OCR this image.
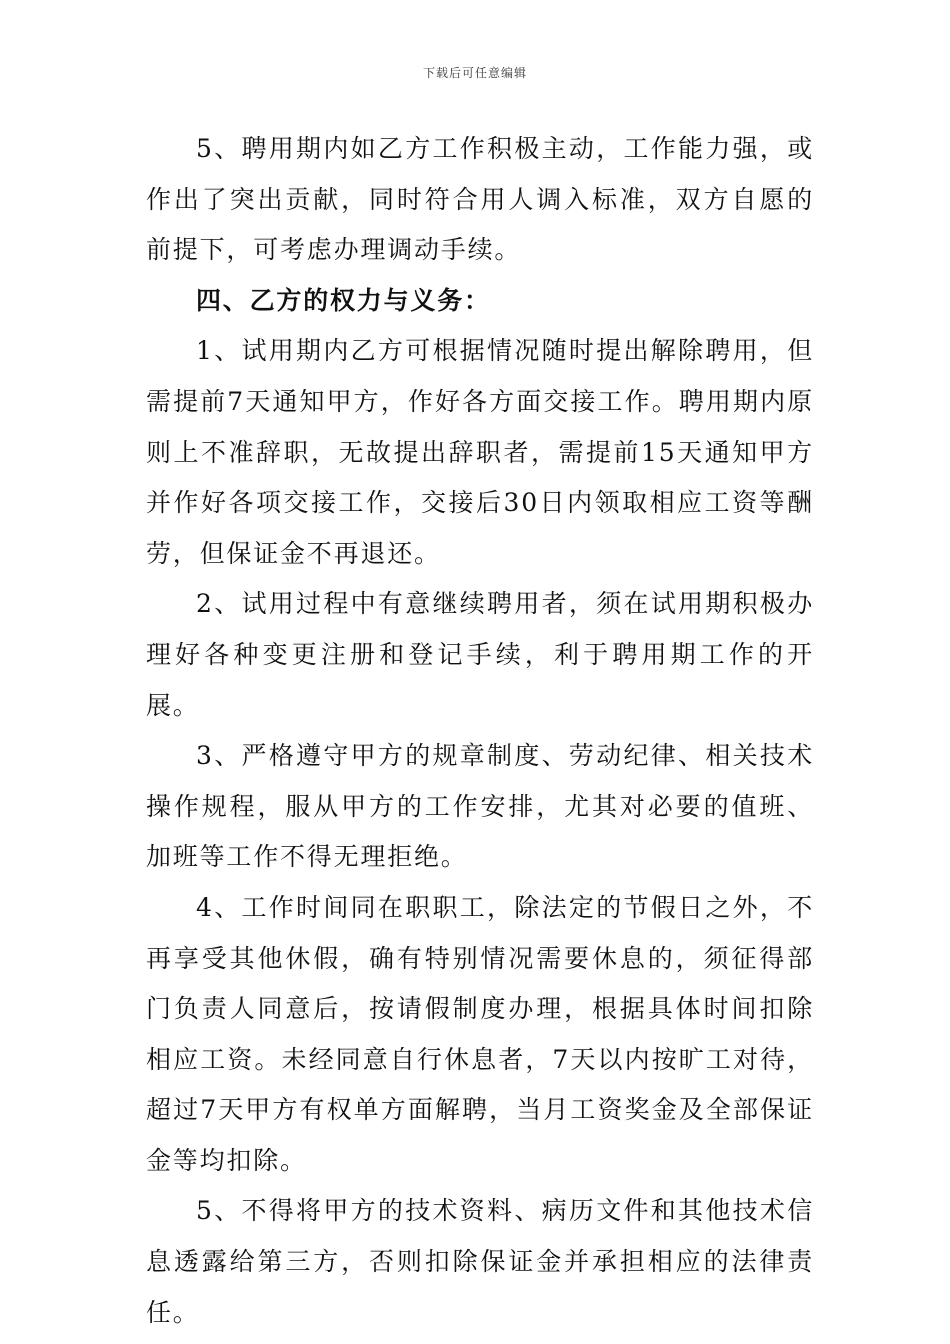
下载后可任意编辑

5、聘用期内如乙方工作积极主动，工作能力强，或作出了突出贡献，同时符合用人调入标准，双方自愿的前提下，可考虑办理调动手续。

四、乙方的权力与义务：

1、试用期内乙方可根据情况随时提出解除聘用，但需提前7天通知甲方，作好各方面交接工作。聘用期内原则上不准辞职，无故提出辞职者，需提前15天通知甲方并作好各项交接工作，交接后30日内领取相应工资等酬劳，但保证金不再退还。

2、试用过程中有意继续聘用者，须在试用期积极办理好各种变更注册和登记手续，利于聘用期工作的开展。

3、严格遵守甲方的规章制度、劳动纪律、相关技术操作规程，服从甲方的工作安排，尤其对必要的值班、加班等工作不得无理拒绝。

4、工作时间同在职职工，除法定的节假日之外，不再享受其他休假，确有特别情况需要休息的，须征得部门负责人同意后，按请假制度办理，根据具体时间扣除相应工资。未经同意自行休息者，7天以内按旷工对待，超过7天甲方有权单方面解聘，当月工资奖金及全部保证金等均扣除。

5、不得将甲方的技术资料、病历文件和其他技术信息透露给第三方，否则扣除保证金并承担相应的法律责任。
